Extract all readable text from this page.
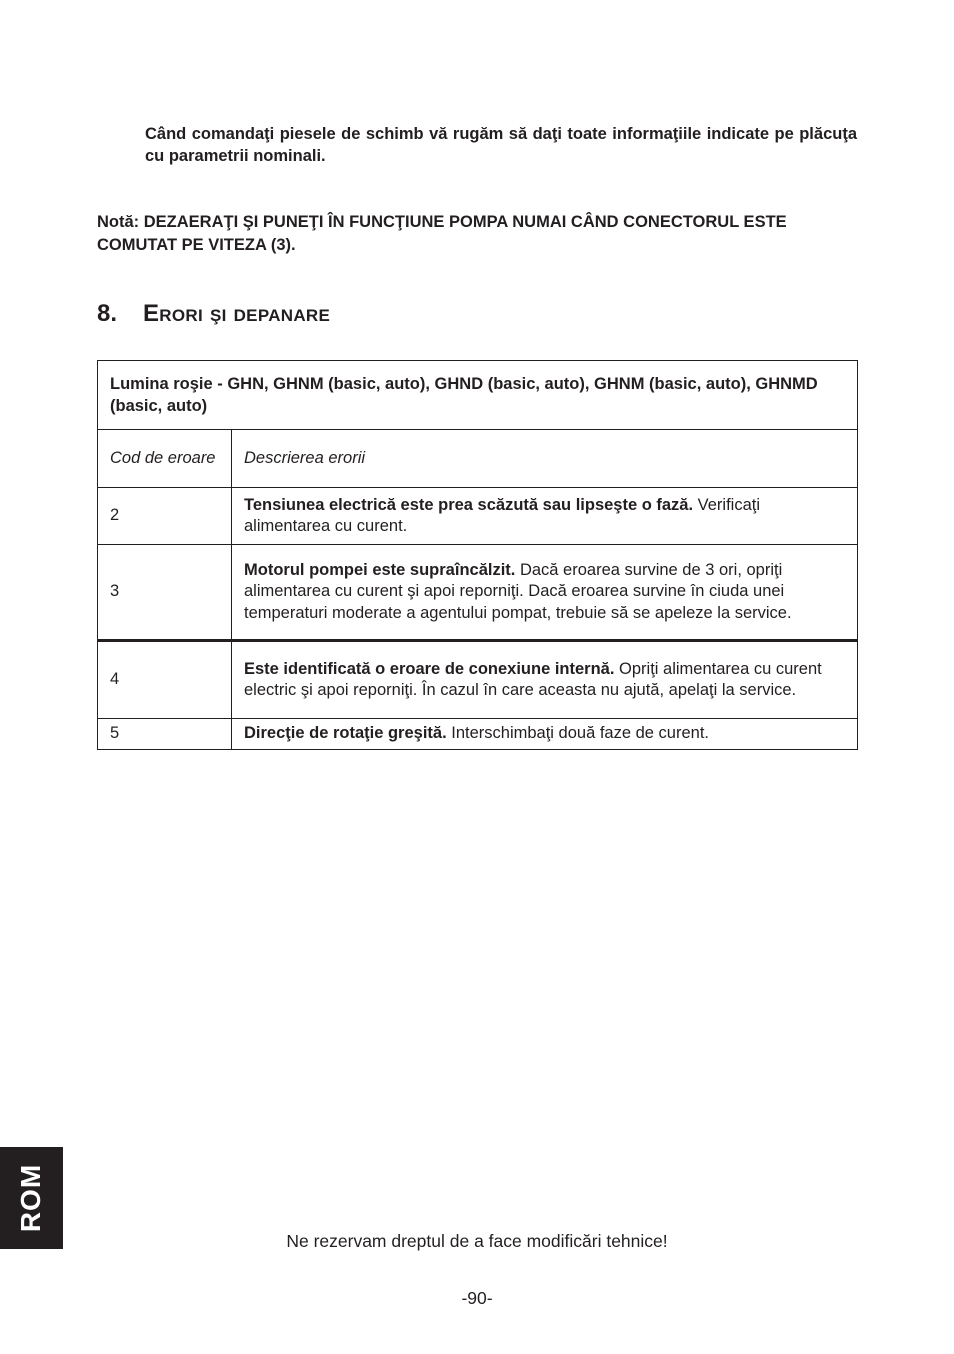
Când comandaţi piesele de schimb vă rugăm să daţi toate informaţiile indicate pe plăcuţa cu parametrii nominali.

Notă: DEZAERAŢI ŞI PUNEŢI ÎN FUNCŢIUNE POMPA NUMAI CÂND CONECTORUL ESTE COMUTAT PE VITEZA (3).

8.	Erori şi depanare
Lumina roşie - GHN, GHNM (basic, auto), GHND (basic, auto), GHNM (basic, auto), GHNMD (basic, auto)	
Cod de eroare	Descrierea erorii
2	Tensiunea electrică este prea scăzută sau lipseşte o fază. Verificaţi alimentarea cu curent.
3	Motorul pompei este supraîncălzit. Dacă eroarea survine de 3 ori, opriţi alimentarea cu curent şi apoi reporniţi. Dacă eroarea survine în ciuda unei temperaturi moderate a agentului pompat, trebuie să se apeleze la service.
4	Este identificată o eroare de conexiune internă. Opriţi alimentarea cu curent electric şi apoi reporniţi. În cazul în care aceasta nu ajută, apelaţi la service.
5	Direcţie de rotaţie greşită. Interschimbaţi două faze de curent.
ROM
Ne rezervam dreptul de a face modificări tehnice!
-90-
